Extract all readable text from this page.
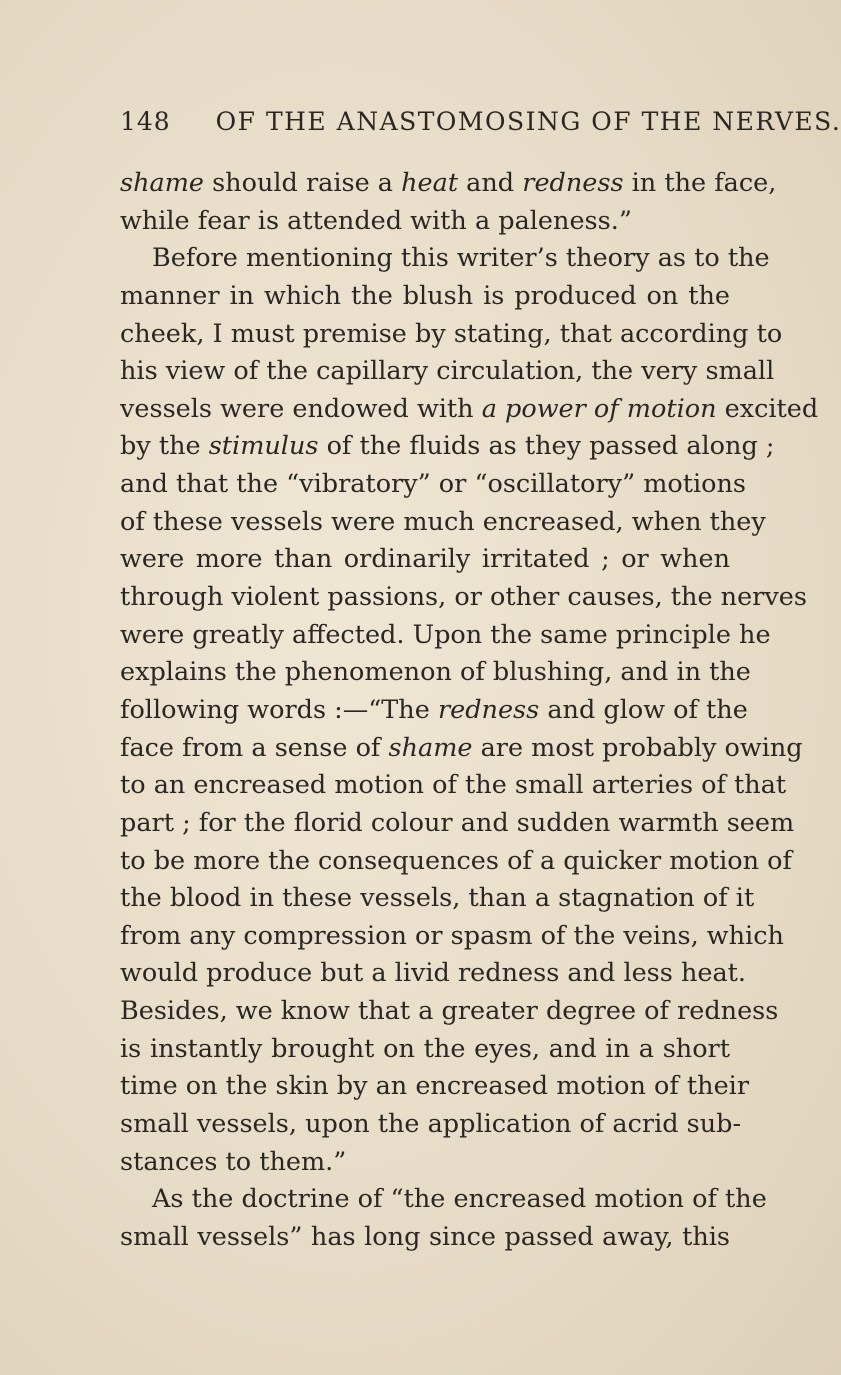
148 OF THE ANASTOMOSING OF THE NERVES.
shame should raise a heat and redness in the face,
while fear is attended with a paleness.”
Before mentioning this writer’s theory as to the
manner in which the blush is produced on the
cheek, I must premise by stating, that according to
his view of the capillary circulation, the very small
vessels were endowed with a power of motion excited
by the stimulus of the fluids as they passed along ;
and that the “vibratory” or “oscillatory” motions
of these vessels were much encreased, when they
were more than ordinarily irritated ; or when
through violent passions, or other causes, the nerves
were greatly affected. Upon the same principle he
explains the phenomenon of blushing, and in the
following words :—“The redness and glow of the
face from a sense of shame are most probably owing
to an encreased motion of the small arteries of that
part ; for the florid colour and sudden warmth seem
to be more the consequences of a quicker motion of
the blood in these vessels, than a stagnation of it
from any compression or spasm of the veins, which
would produce but a livid redness and less heat.
Besides, we know that a greater degree of redness
is instantly brought on the eyes, and in a short
time on the skin by an encreased motion of their
small vessels, upon the application of acrid sub-
stances to them.”
As the doctrine of “the encreased motion of the
small vessels” has long since passed away, this
